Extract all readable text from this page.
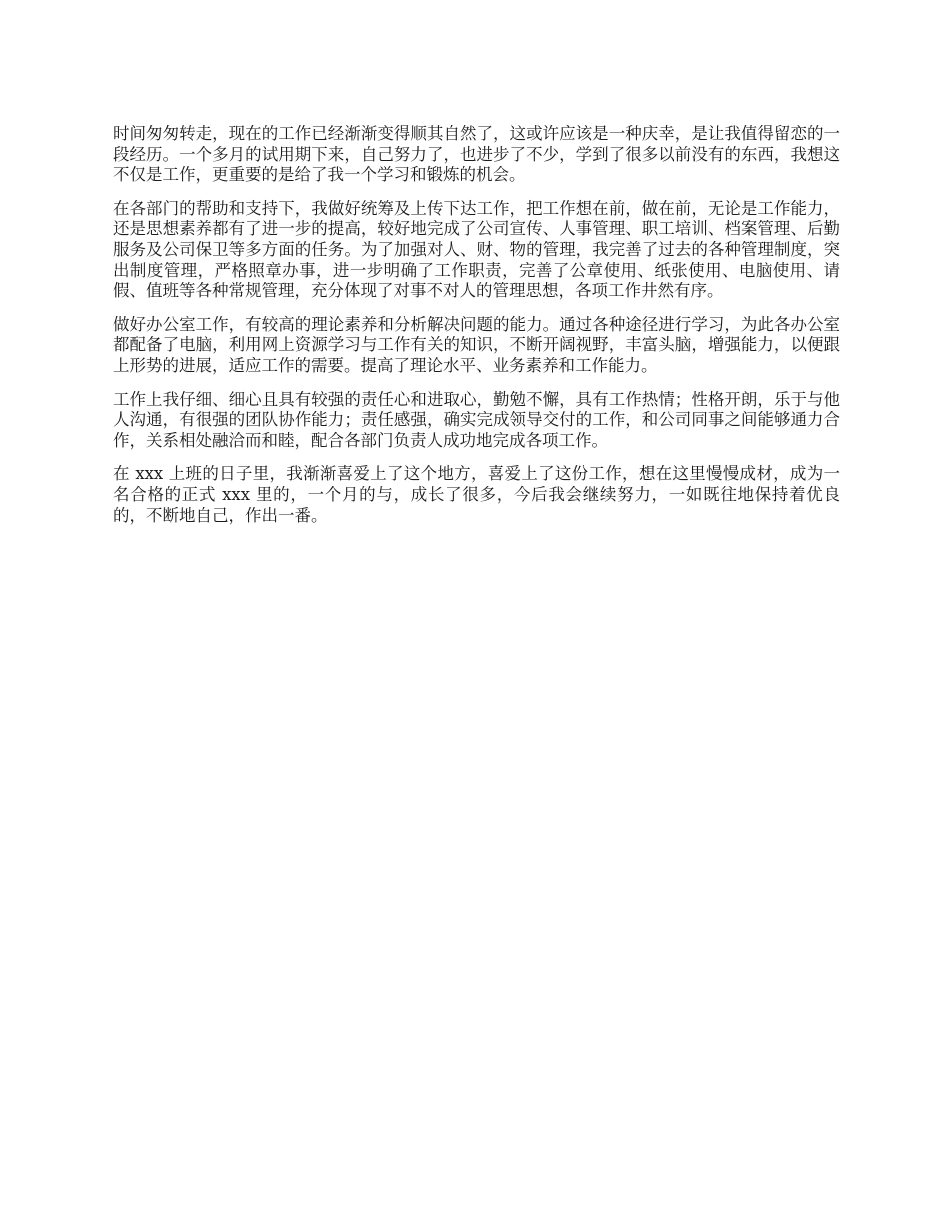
时间匆匆转走，现在的工作已经渐渐变得顺其自然了，这或许应该是一种庆幸，是让我值得留恋的一段经历。一个多月的试用期下来，自己努力了，也进步了不少，学到了很多以前没有的东西，我想这不仅是工作，更重要的是给了我一个学习和锻炼的机会。

在各部门的帮助和支持下，我做好统筹及上传下达工作，把工作想在前，做在前，无论是工作能力，还是思想素养都有了进一步的提高，较好地完成了公司宣传、人事管理、职工培训、档案管理、后勤服务及公司保卫等多方面的任务。为了加强对人、财、物的管理，我完善了过去的各种管理制度，突出制度管理，严格照章办事，进一步明确了工作职责，完善了公章使用、纸张使用、电脑使用、请假、值班等各种常规管理，充分体现了对事不对人的管理思想，各项工作井然有序。

做好办公室工作，有较高的理论素养和分析解决问题的能力。通过各种途径进行学习，为此各办公室都配备了电脑，利用网上资源学习与工作有关的知识，不断开阔视野，丰富头脑，增强能力，以便跟上形势的进展，适应工作的需要。提高了理论水平、业务素养和工作能力。

工作上我仔细、细心且具有较强的责任心和进取心，勤勉不懈，具有工作热情；性格开朗，乐于与他人沟通，有很强的团队协作能力；责任感强，确实完成领导交付的工作，和公司同事之间能够通力合作，关系相处融洽而和睦，配合各部门负责人成功地完成各项工作。

在 xxx 上班的日子里，我渐渐喜爱上了这个地方，喜爱上了这份工作，想在这里慢慢成材，成为一名合格的正式 xxx 里的，一个月的与，成长了很多，今后我会继续努力，一如既往地保持着优良的，不断地自己，作出一番。
